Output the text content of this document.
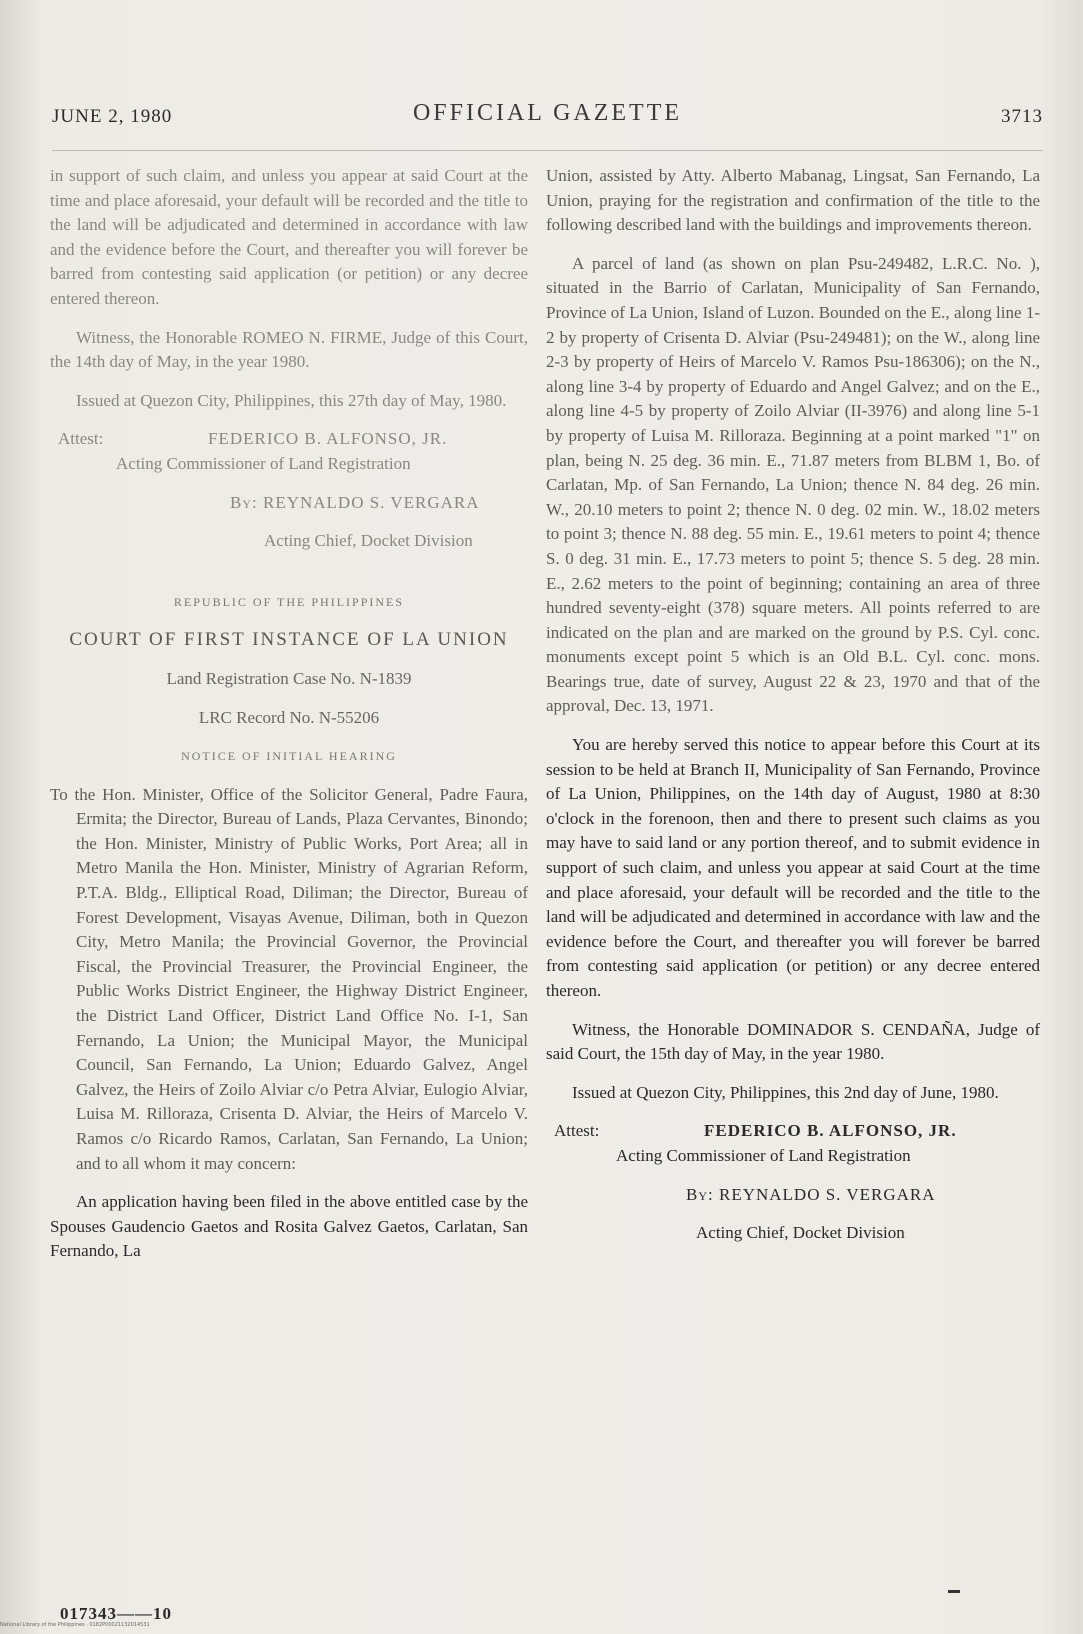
JUNE 2, 1980	OFFICIAL GAZETTE	3713

in support of such claim, and unless you appear at said Court at the time and place aforesaid, your default will be recorded and the title to the land will be adjudicated and determined in accordance with law and the evidence before the Court, and thereafter you will forever be barred from contesting said application (or petition) or any decree entered thereon.

Witness, the Honorable ROMEO N. FIRME, Judge of this Court, the 14th day of May, in the year 1980.

Issued at Quezon City, Philippines, this 27th day of May, 1980.

Attest:	FEDERICO B. ALFONSO, JR.

Acting Commissioner of Land Registration

By: REYNALDO S. VERGARA

Acting Chief, Docket Division

REPUBLIC OF THE PHILIPPINES

COURT OF FIRST INSTANCE OF LA UNION

Land Registration Case No. N-1839

LRC Record No. N-55206

NOTICE OF INITIAL HEARING

To the Hon. Minister, Office of the Solicitor General, Padre Faura, Ermita; the Director, Bureau of Lands, Plaza Cervantes, Binondo; the Hon. Minister, Ministry of Public Works, Port Area; all in Metro Manila the Hon. Minister, Ministry of Agrarian Reform, P.T.A. Bldg., Elliptical Road, Diliman; the Director, Bureau of Forest Development, Visayas Avenue, Diliman, both in Quezon City, Metro Manila; the Provincial Governor, the Provincial Fiscal, the Provincial Treasurer, the Provincial Engineer, the Public Works District Engineer, the Highway District Engineer, the District Land Officer, District Land Office No. I-1, San Fernando, La Union; the Municipal Mayor, the Municipal Council, San Fernando, La Union; Eduardo Galvez, Angel Galvez, the Heirs of Zoilo Alviar c/o Petra Alviar, Eulogio Alviar, Luisa M. Rilloraza, Crisenta D. Alviar, the Heirs of Marcelo V. Ramos c/o Ricardo Ramos, Carlatan, San Fernando, La Union; and to all whom it may concern:

An application having been filed in the above entitled case by the Spouses Gaudencio Gaetos and Rosita Galvez Gaetos, Carlatan, San Fernando, La

Union, assisted by Atty. Alberto Mabanag, Lingsat, San Fernando, La Union, praying for the registration and confirmation of the title to the following described land with the buildings and improvements thereon.

A parcel of land (as shown on plan Psu-249482, L.R.C. No. ), situated in the Barrio of Carlatan, Municipality of San Fernando, Province of La Union, Island of Luzon. Bounded on the E., along line 1-2 by property of Crisenta D. Alviar (Psu-249481); on the W., along line 2-3 by property of Heirs of Marcelo V. Ramos Psu-186306); on the N., along line 3-4 by property of Eduardo and Angel Galvez; and on the E., along line 4-5 by property of Zoilo Alviar (II-3976) and along line 5-1 by property of Luisa M. Rilloraza. Beginning at a point marked "1" on plan, being N. 25 deg. 36 min. E., 71.87 meters from BLBM 1, Bo. of Carlatan, Mp. of San Fernando, La Union; thence N. 84 deg. 26 min. W., 20.10 meters to point 2; thence N. 0 deg. 02 min. W., 18.02 meters to point 3; thence N. 88 deg. 55 min. E., 19.61 meters to point 4; thence S. 0 deg. 31 min. E., 17.73 meters to point 5; thence S. 5 deg. 28 min. E., 2.62 meters to the point of beginning; containing an area of three hundred seventy-eight (378) square meters. All points referred to are indicated on the plan and are marked on the ground by P.S. Cyl. conc. monuments except point 5 which is an Old B.L. Cyl. conc. mons. Bearings true, date of survey, August 22 & 23, 1970 and that of the approval, Dec. 13, 1971.

You are hereby served this notice to appear before this Court at its session to be held at Branch II, Municipality of San Fernando, Province of La Union, Philippines, on the 14th day of August, 1980 at 8:30 o'clock in the forenoon, then and there to present such claims as you may have to said land or any portion thereof, and to submit evidence in support of such claim, and unless you appear at said Court at the time and place aforesaid, your default will be recorded and the title to the land will be adjudicated and determined in accordance with law and the evidence before the Court, and thereafter you will forever be barred from contesting said application (or petition) or any decree entered thereon.

Witness, the Honorable DOMINADOR S. CENDAÑA, Judge of said Court, the 15th day of May, in the year 1980.

Issued at Quezon City, Philippines, this 2nd day of June, 1980.

Attest:	FEDERICO B. ALFONSO, JR.

Acting Commissioner of Land Registration

By: REYNALDO S. VERGARA

Acting Chief, Docket Division

017343——10
National Library of the Philippines · 0182P00021132014531
